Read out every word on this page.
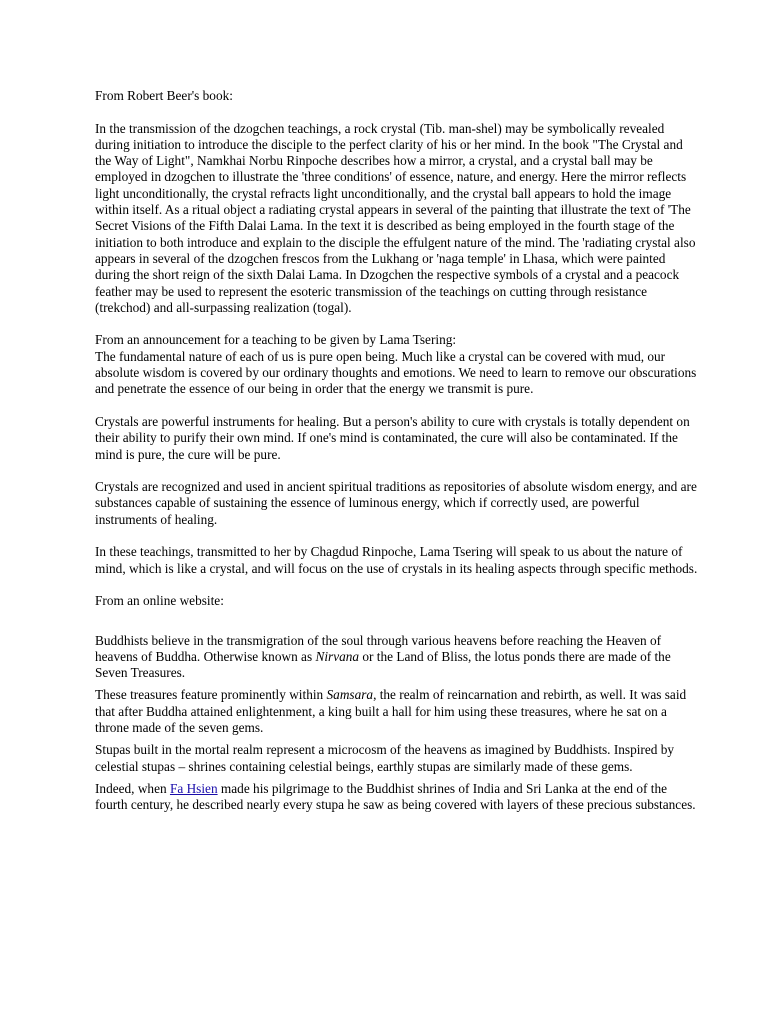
From Robert Beer's book:

In the transmission of the dzogchen teachings, a rock crystal (Tib. man-shel) may be symbolically revealed during initiation to introduce the disciple to the perfect clarity of his or her mind. In the book "The Crystal and the Way of Light", Namkhai Norbu Rinpoche describes how a mirror, a crystal, and a crystal ball may be employed in dzogchen to illustrate the 'three conditions' of essence, nature, and energy. Here the mirror reflects light unconditionally, the crystal refracts light unconditionally, and the crystal ball appears to hold the image within itself. As a ritual object a radiating crystal appears in several of the painting that illustrate the text of 'The Secret Visions of the Fifth Dalai Lama. In the text it is described as being employed in the fourth stage of the initiation to both introduce and explain to the disciple the effulgent nature of the mind. The 'radiating crystal also appears in several of the dzogchen frescos from the Lukhang or 'naga temple' in Lhasa, which were painted during the short reign of the sixth Dalai Lama. In Dzogchen the respective symbols of a crystal and a peacock feather may be used to represent the esoteric transmission of the teachings on cutting through resistance (trekchod) and all-surpassing realization (togal).

From an announcement for a teaching to be given by Lama Tsering:
The fundamental nature of each of us is pure open being. Much like a crystal can be covered with mud, our absolute wisdom is covered by our ordinary thoughts and emotions. We need to learn to remove our obscurations and penetrate the essence of our being in order that the energy we transmit is pure.

Crystals are powerful instruments for healing. But a person's ability to cure with crystals is totally dependent on their ability to purify their own mind. If one's mind is contaminated, the cure will also be contaminated. If the mind is pure, the cure will be pure.

Crystals are recognized and used in ancient spiritual traditions as repositories of absolute wisdom energy, and are substances capable of sustaining the essence of luminous energy, which if correctly used, are powerful instruments of healing.

In these teachings, transmitted to her by Chagdud Rinpoche, Lama Tsering will speak to us about the nature of mind, which is like a crystal, and will focus on the use of crystals in its healing aspects through specific methods.

From an online website:

Buddhists believe in the transmigration of the soul through various heavens before reaching the Heaven of heavens of Buddha. Otherwise known as Nirvana or the Land of Bliss, the lotus ponds there are made of the Seven Treasures.

These treasures feature prominently within Samsara, the realm of reincarnation and rebirth, as well. It was said that after Buddha attained enlightenment, a king built a hall for him using these treasures, where he sat on a throne made of the seven gems.

Stupas built in the mortal realm represent a microcosm of the heavens as imagined by Buddhists. Inspired by celestial stupas – shrines containing celestial beings, earthly stupas are similarly made of these gems.

Indeed, when Fa Hsien made his pilgrimage to the Buddhist shrines of India and Sri Lanka at the end of the fourth century, he described nearly every stupa he saw as being covered with layers of these precious substances.
